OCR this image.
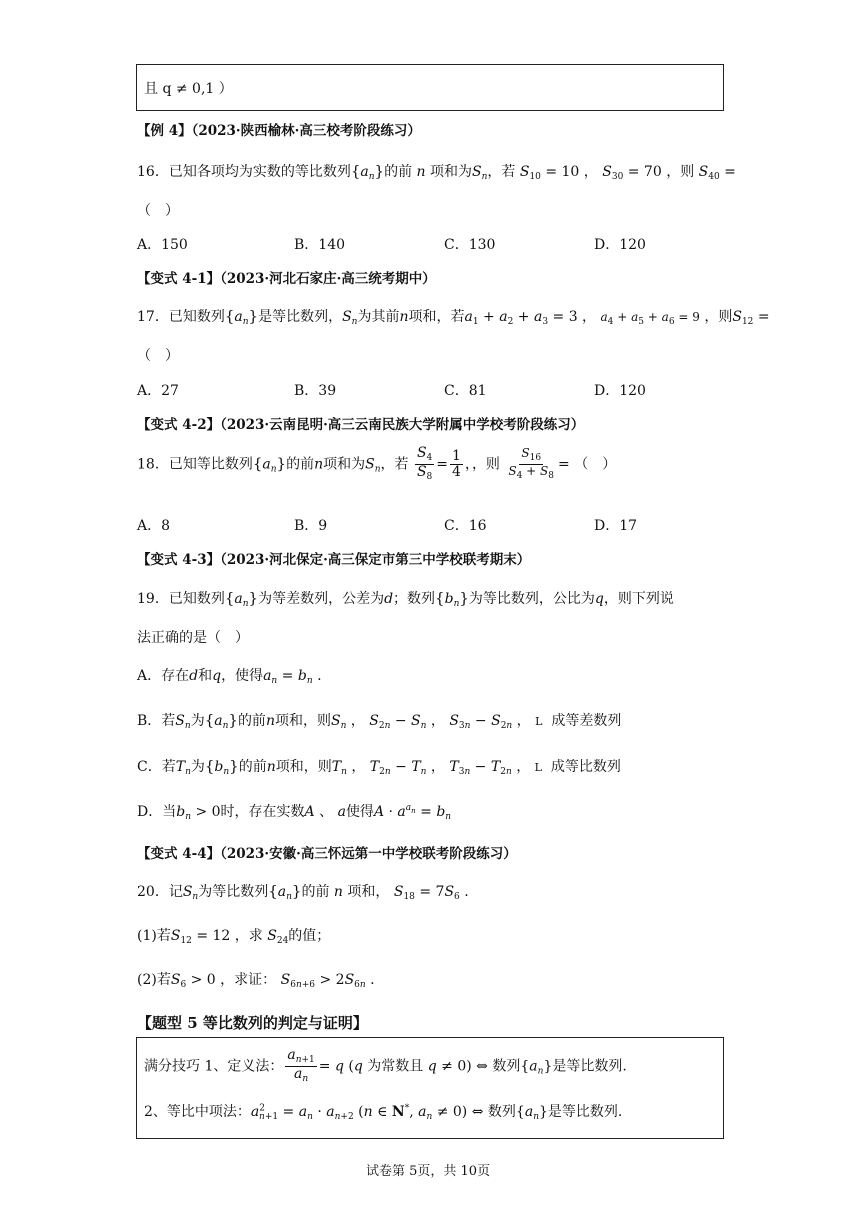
且 q ≠ 0,1 ）
【例 4】（2023·陕西榆林·高三校考阶段练习）
16．已知各项均为实数的等比数列$\{a_n\}$的前 n 项和为$S_n$，若 $S_{10} = 10$ ， $S_{30} = 70$ ，则 $S_{40}$ =
（　）
A．150	B．140	C．130	D．120
【变式 4-1】（2023·河北石家庄·高三统考期中）
17．已知数列$\{a_n\}$是等比数列，$S_n$为其前n项和，若$a_1 + a_2 + a_3 = 3$ ， $a_4 + a_5 + a_6 = 9$ ，则$S_{12}$ =
（　）
A．27	B．39	C．81	D．120
【变式 4-2】（2023·云南昆明·高三云南民族大学附属中学校考阶段练习）
18．已知等比数列$\{a_n\}$的前n项和为$S_n$，若 $\frac{S_4}{S_8} = \frac{1}{4}$ ，，则 $\frac{S_{16}}{S_4 + S_8}$ = （　）
A．8	B．9	C．16	D．17
【变式 4-3】（2023·河北保定·高三保定市第三中学校联考期末）
19．已知数列$\{a_n\}$为等差数列，公差为d；数列$\{b_n\}$为等比数列，公比为q，则下列说
法正确的是（　）
A．存在d和q，使得$a_n = b_n$ .
B．若$S_n$为$\{a_n\}$的前n项和，则$S_n$ ， $S_{2n} - S_n$ ， $S_{3n} - S_{2n}$ ， L 成等差数列
C．若$T_n$为$\{b_n\}$的前n项和，则$T_n$ ， $T_{2n} - T_n$ ， $T_{3n} - T_{2n}$ ， L 成等比数列
D．当$b_n > 0$时，存在实数A 、 a使得$A \cdot a^{a_n} = b_n$
【变式 4-4】（2023·安徽·高三怀远第一中学校联考阶段练习）
20．记$S_n$为等比数列$\{a_n\}$的前 n 项和， $S_{18} = 7S_6$ .
(1)若$S_{12} = 12$ ，求 $S_{24}$的值；
(2)若$S_6 > 0$ ，求证： $S_{6n+6} > 2S_{6n}$ .
【题型 5 等比数列的判定与证明】
满分技巧 1、定义法： $\frac{a_{n+1}}{a_n} = q$ (q 为常数且 q ≠ 0) ⇔ 数列$\{a_n\}$是等比数列.
2、等比中项法：$a^2_{n+1} = a_n \cdot a_{n+2}$ (n ∈ N*, $a_n \ne 0$) ⇔ 数列$\{a_n\}$是等比数列.
试卷第 5页，共 10页
